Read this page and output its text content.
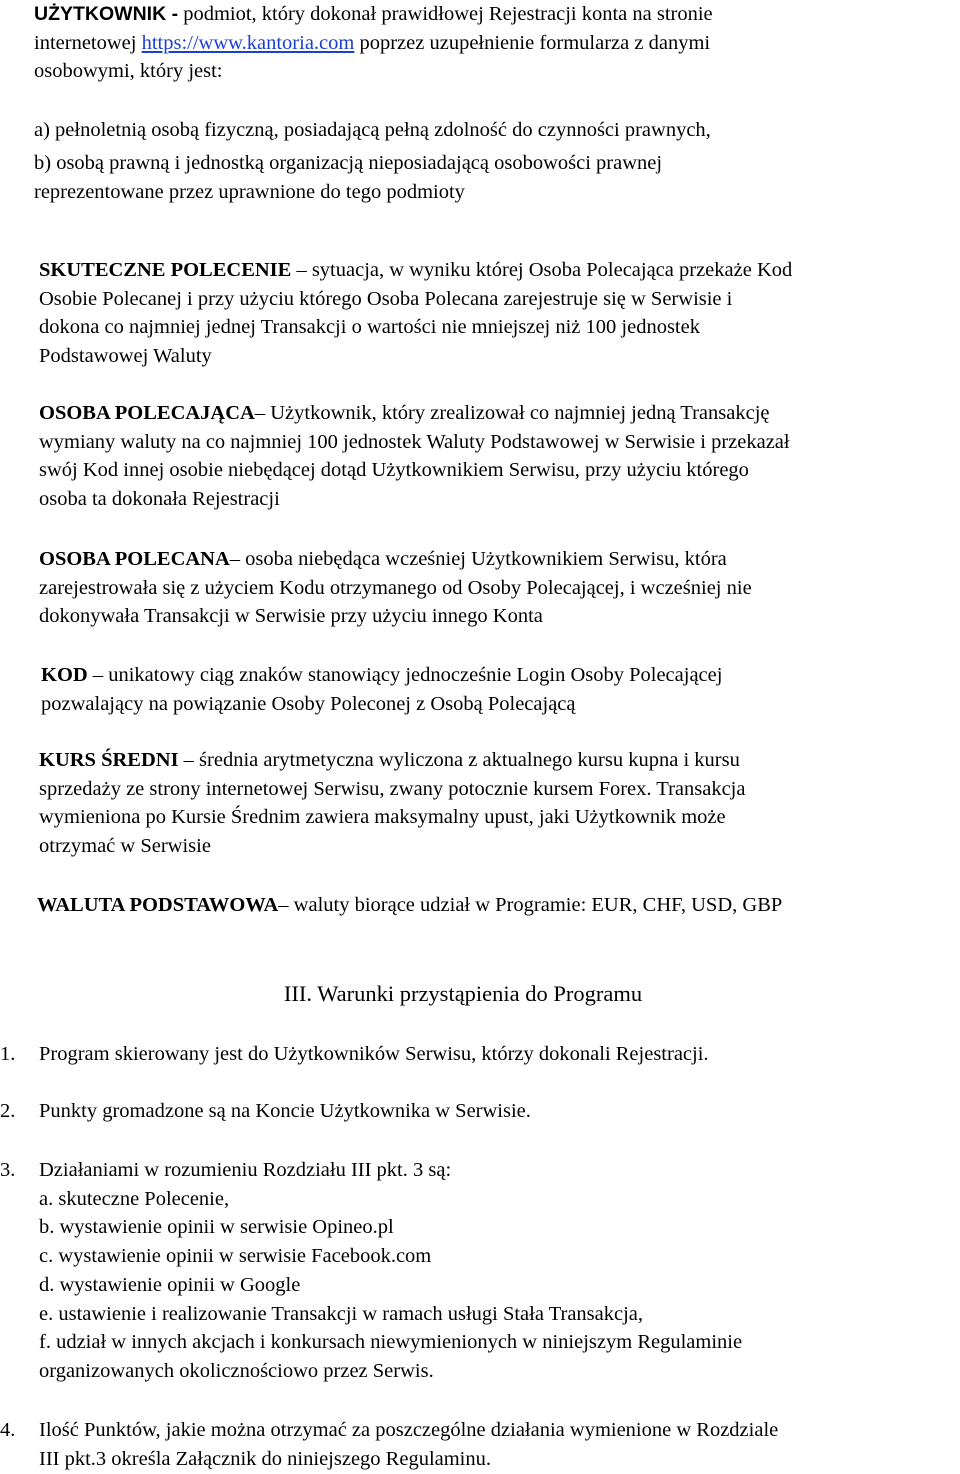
UŻYTKOWNIK - podmiot, który dokonał prawidłowej Rejestracji konta na stronie

internetowej https://www.kantoria.com poprzez uzupełnienie formularza z danymi

osobowymi, który jest:

a) pełnoletnią osobą fizyczną, posiadającą pełną zdolność do czynności prawnych,

b) osobą prawną i jednostką organizacją nieposiadającą osobowości prawnej

reprezentowane przez uprawnione do tego podmioty

SKUTECZNE POLECENIE – sytuacja, w wyniku której Osoba Polecająca przekaże Kod
Osobie Polecanej i przy użyciu którego Osoba Polecana zarejestruje się w Serwisie i
dokona co najmniej jednej Transakcji o wartości nie mniejszej niż 100 jednostek
Podstawowej Waluty
OSOBA POLECAJĄCA– Użytkownik, który zrealizował co najmniej jedną Transakcję
wymiany waluty na co najmniej 100 jednostek Waluty Podstawowej w Serwisie i przekazał
swój Kod innej osobie niebędącej dotąd Użytkownikiem Serwisu, przy użyciu którego
osoba ta dokonała Rejestracji
OSOBA POLECANA– osoba niebędąca wcześniej Użytkownikiem Serwisu, która
zarejestrowała się z użyciem Kodu otrzymanego od Osoby Polecającej, i wcześniej nie
dokonywała Transakcji w Serwisie przy użyciu innego Konta
KOD – unikatowy ciąg znaków stanowiący jednocześnie Login Osoby Polecającej
pozwalający na powiązanie Osoby Poleconej z Osobą Polecającą
KURS ŚREDNI – średnia arytmetyczna wyliczona z aktualnego kursu kupna i kursu
sprzedaży ze strony internetowej Serwisu, zwany potocznie kursem Forex. Transakcja
wymieniona po Kursie Średnim zawiera maksymalny upust, jaki Użytkownik może
otrzymać w Serwisie
WALUTA PODSTAWOWA– waluty biorące udział w Programie: EUR, CHF, USD, GBP
III. Warunki przystąpienia do Programu
1.	Program skierowany jest do Użytkowników Serwisu, którzy dokonali Rejestracji.
2.	Punkty gromadzone są na Koncie Użytkownika w Serwisie.
3.	Działaniami w rozumieniu Rozdziału III pkt. 3 są:
a. skuteczne Polecenie,
b. wystawienie opinii w serwisie Opineo.pl
c. wystawienie opinii w serwisie Facebook.com
d. wystawienie opinii w Google
e. ustawienie i realizowanie Transakcji w ramach usługi Stała Transakcja,
f. udział w innych akcjach i konkursach niewymienionych w niniejszym Regulaminie
organizowanych okolicznościowo przez Serwis.
4.	Ilość Punktów, jakie można otrzymać za poszczególne działania wymienione w Rozdziale
III pkt.3 określa Załącznik do niniejszego Regulaminu.
